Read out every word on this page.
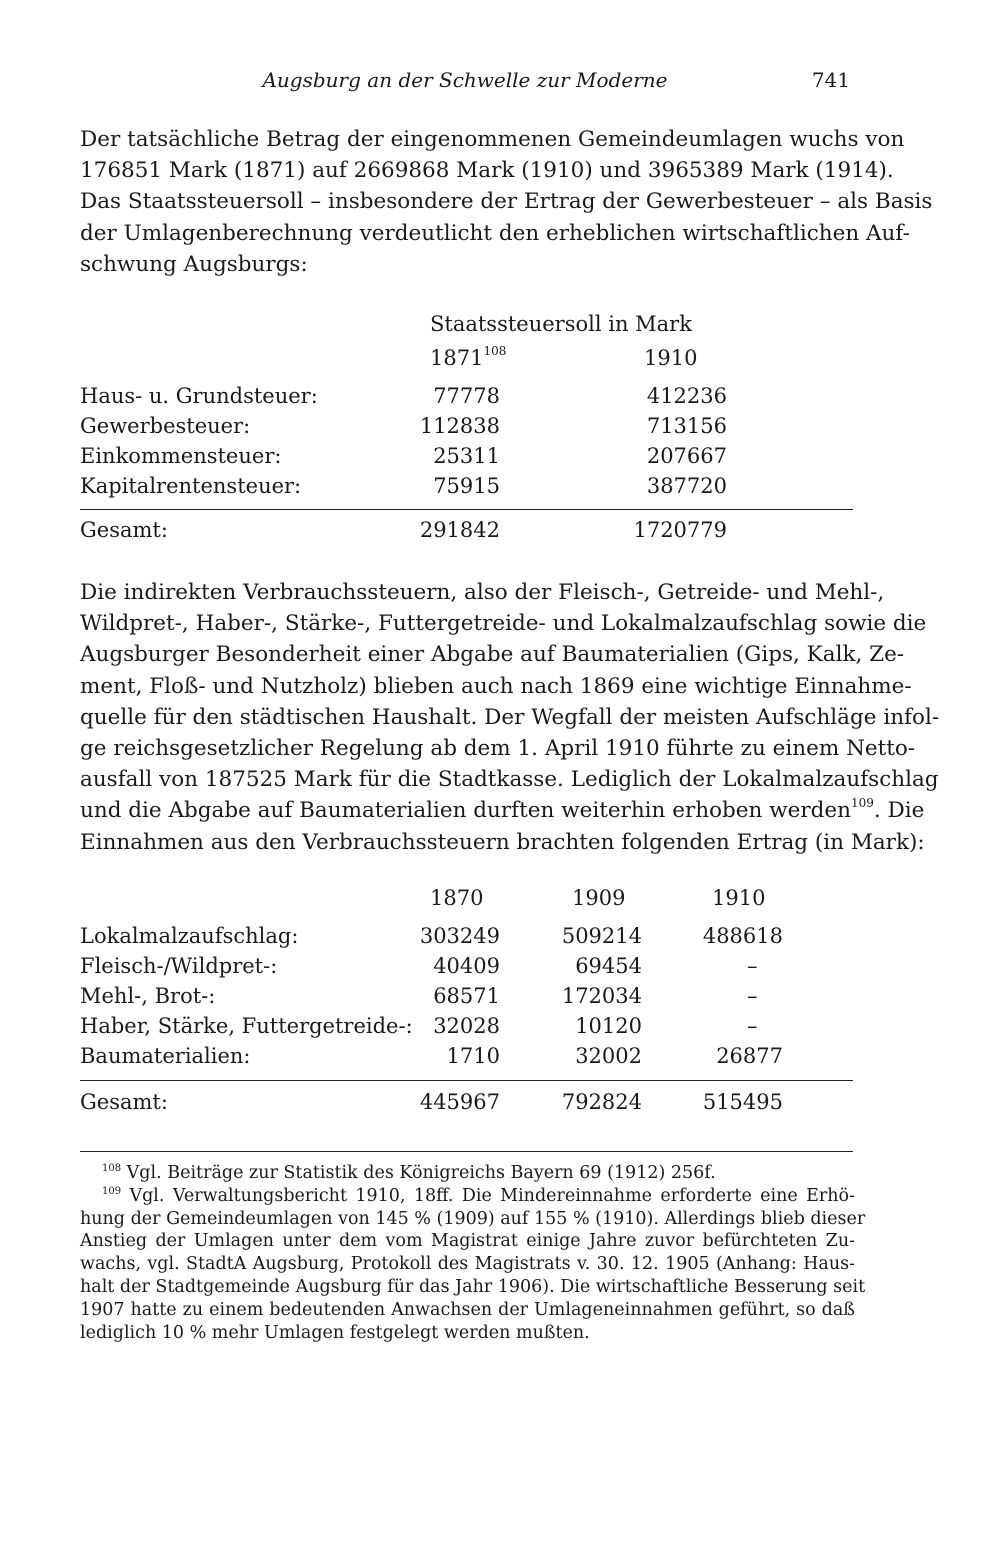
Augsburg an der Schwelle zur Moderne	741
Der tatsächliche Betrag der eingenommenen Gemeindeumlagen wuchs von
176851 Mark (1871) auf 2669868 Mark (1910) und 3965389 Mark (1914).
Das Staatssteuersoll – insbesondere der Ertrag der Gewerbesteuer – als Basis
der Umlagenberechnung verdeutlicht den erheblichen wirtschaftlichen Auf-
schwung Augsburgs:
Staatssteuersoll in Mark
1871$^{108}$	1910
Haus- u. Grundsteuer:	77778	412236
Gewerbesteuer:	112838	713156
Einkommensteuer:	25311	207667
Kapitalrentensteuer:	75915	387720
Gesamt:	291842	1720779
Die indirekten Verbrauchssteuern, also der Fleisch-, Getreide- und Mehl-,
Wildpret-, Haber-, Stärke-, Futtergetreide- und Lokalmalzaufschlag sowie die
Augsburger Besonderheit einer Abgabe auf Baumaterialien (Gips, Kalk, Ze-
ment, Floß- und Nutzholz) blieben auch nach 1869 eine wichtige Einnahme-
quelle für den städtischen Haushalt. Der Wegfall der meisten Aufschläge infol-
ge reichsgesetzlicher Regelung ab dem 1. April 1910 führte zu einem Netto-
ausfall von 187525 Mark für die Stadtkasse. Lediglich der Lokalmalzaufschlag
und die Abgabe auf Baumaterialien durften weiterhin erhoben werden$^{109}$. Die
Einnahmen aus den Verbrauchssteuern brachten folgenden Ertrag (in Mark):
1870	1909	1910
Lokalmalzaufschlag:	303249	509214	488618
Fleisch-/Wildpret-:	40409	69454	–
Mehl-, Brot-:	68571	172034	–
Haber, Stärke, Futtergetreide-: 32028	10120	–
Baumaterialien:	1710	32002	26877
Gesamt:	445967	792824	515495
$^{108}$ Vgl. Beiträge zur Statistik des Königreichs Bayern 69 (1912) 256f.
$^{109}$ Vgl. Verwaltungsbericht 1910, 18ff. Die Mindereinnahme erforderte eine Erhö-
hung der Gemeindeumlagen von 145 % (1909) auf 155 % (1910). Allerdings blieb dieser
Anstieg der Umlagen unter dem vom Magistrat einige Jahre zuvor befürchteten Zu-
wachs, vgl. StadtA Augsburg, Protokoll des Magistrats v. 30. 12. 1905 (Anhang: Haus-
halt der Stadtgemeinde Augsburg für das Jahr 1906). Die wirtschaftliche Besserung seit
1907 hatte zu einem bedeutenden Anwachsen der Umlageneinnahmen geführt, so daß
lediglich 10 % mehr Umlagen festgelegt werden mußten.
